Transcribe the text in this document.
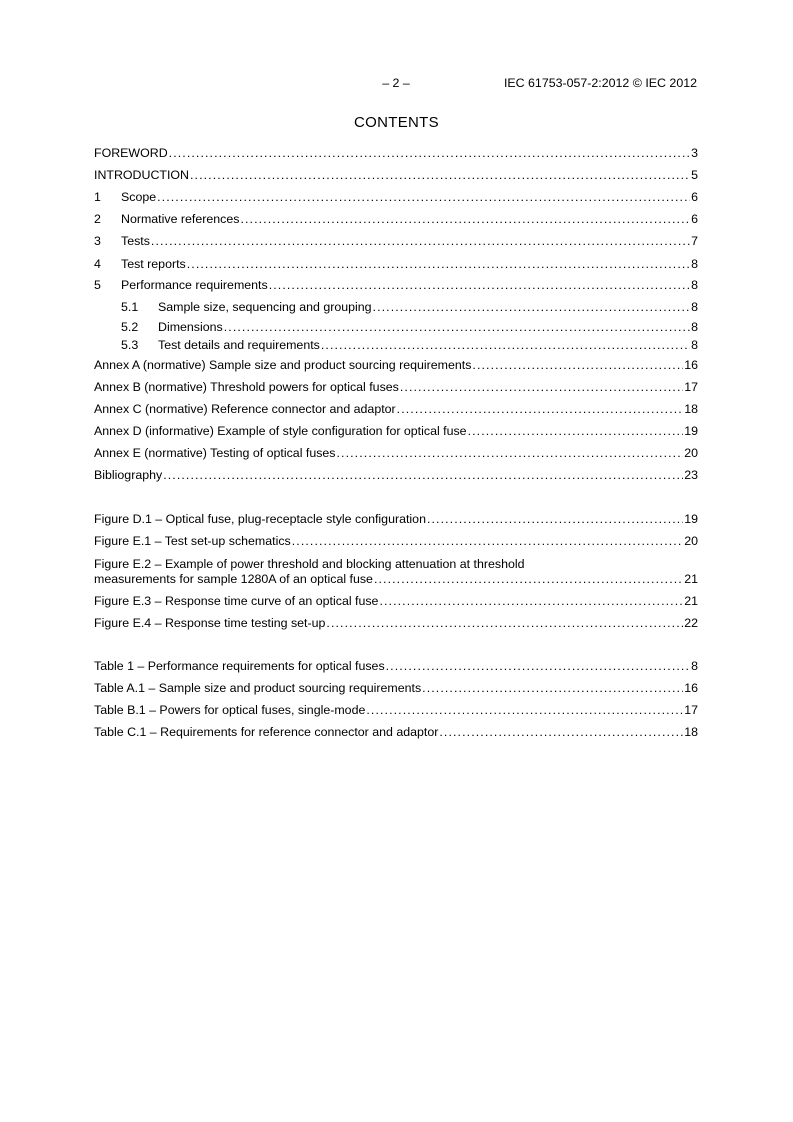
– 2 –	IEC 61753-057-2:2012 © IEC 2012
CONTENTS
FOREWORD .....	3
INTRODUCTION .....	5
1	Scope .....	6
2	Normative references .....	6
3	Tests .....	7
4	Test reports .....	8
5	Performance requirements .....	8
5.1	Sample size, sequencing and grouping .....	8
5.2	Dimensions .....	8
5.3	Test details and requirements .....	8
Annex A (normative) Sample size and product sourcing requirements .....	16
Annex B (normative) Threshold powers for optical fuses .....	17
Annex C (normative) Reference connector and adaptor .....	18
Annex D (informative) Example of style configuration for optical fuse .....	19
Annex E (normative) Testing of optical fuses .....	20
Bibliography .....	23
Figure D.1 – Optical fuse, plug-receptacle style configuration .....	19
Figure E.1 – Test set-up schematics .....	20
Figure E.2 – Example of power threshold and blocking attenuation at threshold
measurements for sample 1280A of an optical fuse .....	21
Figure E.3 – Response time curve of an optical fuse .....	21
Figure E.4 – Response time testing set-up .....	22
Table 1 – Performance requirements for optical fuses .....	8
Table A.1 – Sample size and product sourcing requirements .....	16
Table B.1 – Powers for optical fuses, single-mode .....	17
Table C.1 – Requirements for reference connector and adaptor .....	18
